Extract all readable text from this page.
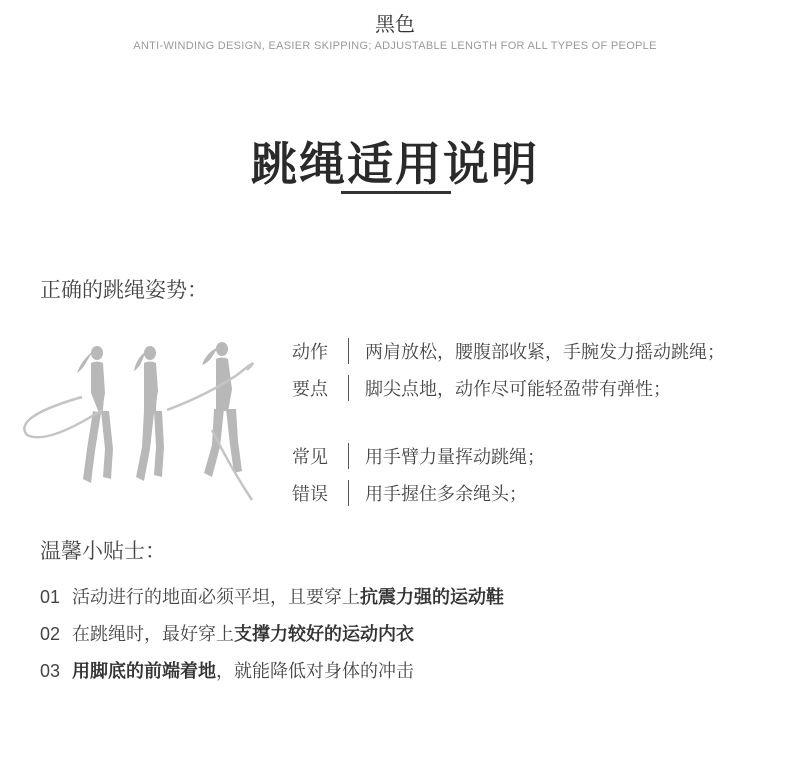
黑色
ANTI-WINDING DESIGN, EASIER SKIPPING; ADJUSTABLE LENGTH FOR ALL TYPES OF PEOPLE
跳绳适用说明
正确的跳绳姿势：
动作	两肩放松，腰腹部收紧，手腕发力摇动跳绳；
要点	脚尖点地，动作尽可能轻盈带有弹性；
常见	用手臂力量挥动跳绳；
错误	用手握住多余绳头；
温馨小贴士：
01 活动进行的地面必须平坦，且要穿上抗震力强的运动鞋
02 在跳绳时，最好穿上支撑力较好的运动内衣
03 用脚底的前端着地，就能降低对身体的冲击
